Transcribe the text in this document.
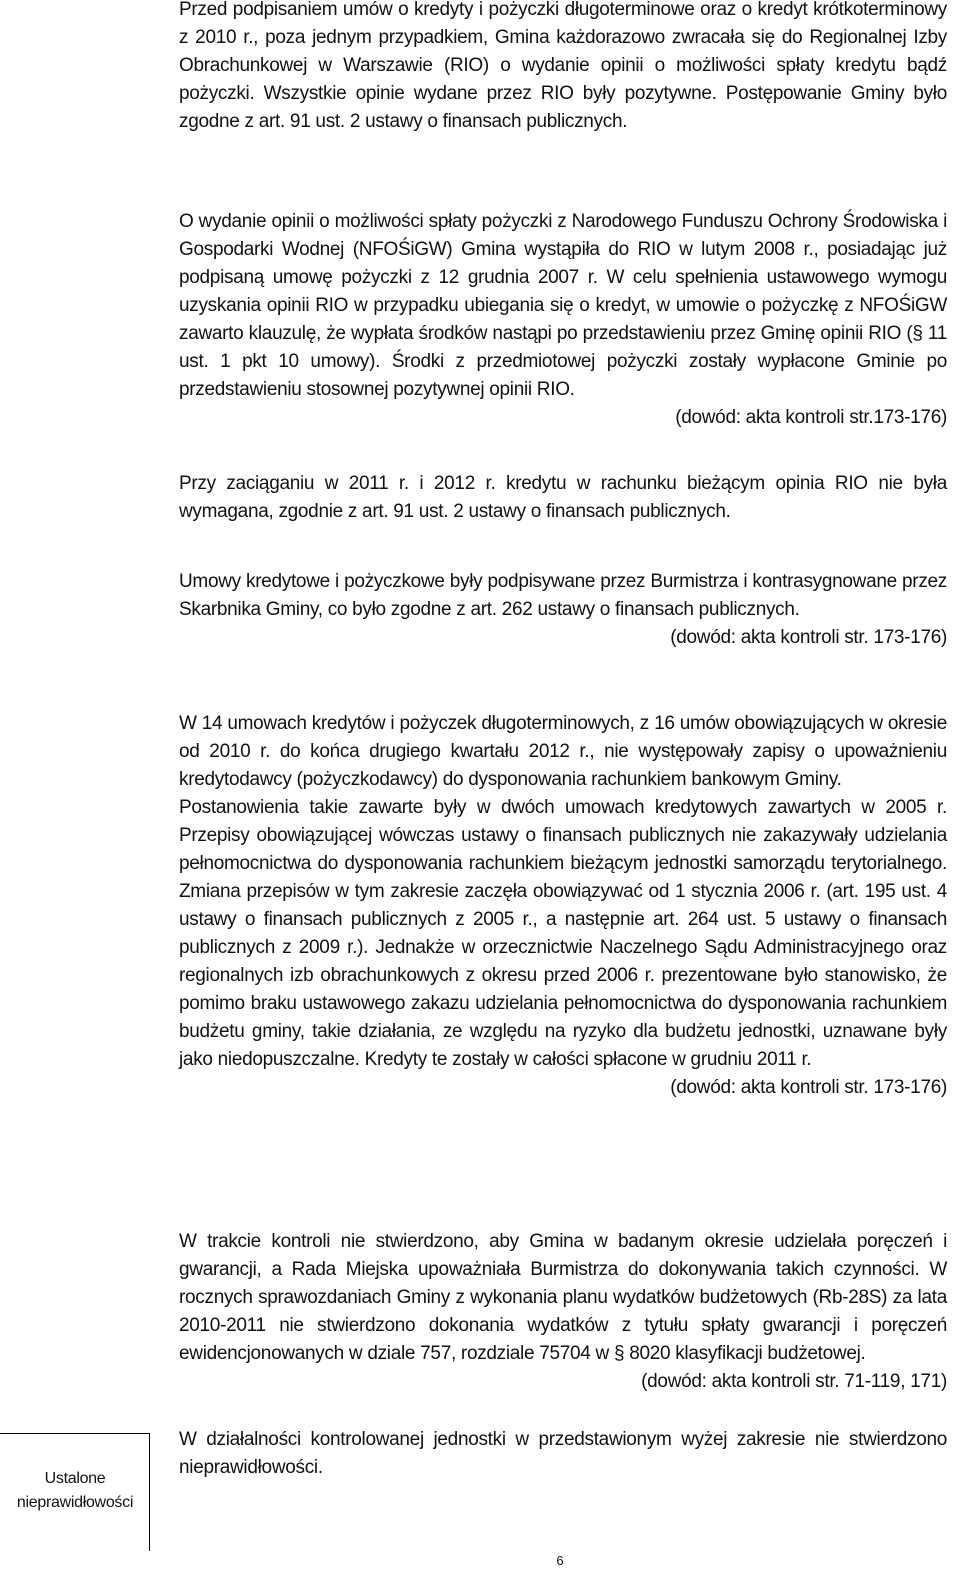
Przed podpisaniem umów o kredyty i pożyczki długoterminowe oraz o kredyt krótkoterminowy z 2010 r., poza jednym przypadkiem, Gmina każdorazowo zwracała się do Regionalnej Izby Obrachunkowej w Warszawie (RIO) o wydanie opinii o możliwości spłaty kredytu bądź pożyczki. Wszystkie opinie wydane przez RIO były pozytywne. Postępowanie Gminy było zgodne z art. 91 ust. 2 ustawy o finansach publicznych.

O wydanie opinii o możliwości spłaty pożyczki z Narodowego Funduszu Ochrony Środowiska i Gospodarki Wodnej (NFOŚiGW) Gmina wystąpiła do RIO w lutym 2008 r., posiadając już podpisaną umowę pożyczki z 12 grudnia 2007 r. W celu spełnienia ustawowego wymogu uzyskania opinii RIO w przypadku ubiegania się o kredyt, w umowie o pożyczkę z NFOŚiGW zawarto klauzulę, że wypłata środków nastąpi po przedstawieniu przez Gminę opinii RIO (§ 11 ust. 1 pkt 10 umowy). Środki z przedmiotowej pożyczki zostały wypłacone Gminie po przedstawieniu stosownej pozytywnej opinii RIO.

(dowód: akta kontroli str.173-176)

Przy zaciąganiu w 2011 r. i 2012 r. kredytu w rachunku bieżącym opinia RIO nie była wymagana, zgodnie z art. 91 ust. 2 ustawy o finansach publicznych.

Umowy kredytowe i pożyczkowe były podpisywane przez Burmistrza i kontrasygnowane przez Skarbnika Gminy, co było zgodne z art. 262 ustawy o finansach publicznych.

(dowód: akta kontroli str. 173-176)

W 14 umowach kredytów i pożyczek długoterminowych, z 16 umów obowiązujących w okresie od 2010 r. do końca drugiego kwartału 2012 r., nie występowały zapisy o upoważnieniu kredytodawcy (pożyczkodawcy) do dysponowania rachunkiem bankowym Gminy.

Postanowienia takie zawarte były w dwóch umowach kredytowych zawartych w 2005 r. Przepisy obowiązującej wówczas ustawy o finansach publicznych nie zakazywały udzielania pełnomocnictwa do dysponowania rachunkiem bieżącym jednostki samorządu terytorialnego. Zmiana przepisów w tym zakresie zaczęła obowiązywać od 1 stycznia 2006 r. (art. 195 ust. 4 ustawy o finansach publicznych z 2005 r., a następnie art. 264 ust. 5 ustawy o finansach publicznych z 2009 r.). Jednakże w orzecznictwie Naczelnego Sądu Administracyjnego oraz regionalnych izb obrachunkowych z okresu przed 2006 r. prezentowane było stanowisko, że pomimo braku ustawowego zakazu udzielania pełnomocnictwa do dysponowania rachunkiem budżetu gminy, takie działania, ze względu na ryzyko dla budżetu jednostki, uznawane były jako niedopuszczalne. Kredyty te zostały w całości spłacone w grudniu 2011 r.

(dowód: akta kontroli str. 173-176)

W trakcie kontroli nie stwierdzono, aby Gmina w badanym okresie udzielała poręczeń i gwarancji, a Rada Miejska upoważniała Burmistrza do dokonywania takich czynności. W rocznych sprawozdaniach Gminy z wykonania planu wydatków budżetowych (Rb-28S) za lata 2010-2011 nie stwierdzono dokonania wydatków z tytułu spłaty gwarancji i poręczeń ewidencjonowanych w dziale 757, rozdziale 75704 w § 8020 klasyfikacji budżetowej.

(dowód: akta kontroli str. 71-119, 171)

W działalności kontrolowanej jednostki w przedstawionym wyżej zakresie nie stwierdzono nieprawidłowości.

Ustalone
nieprawidłowości
6
